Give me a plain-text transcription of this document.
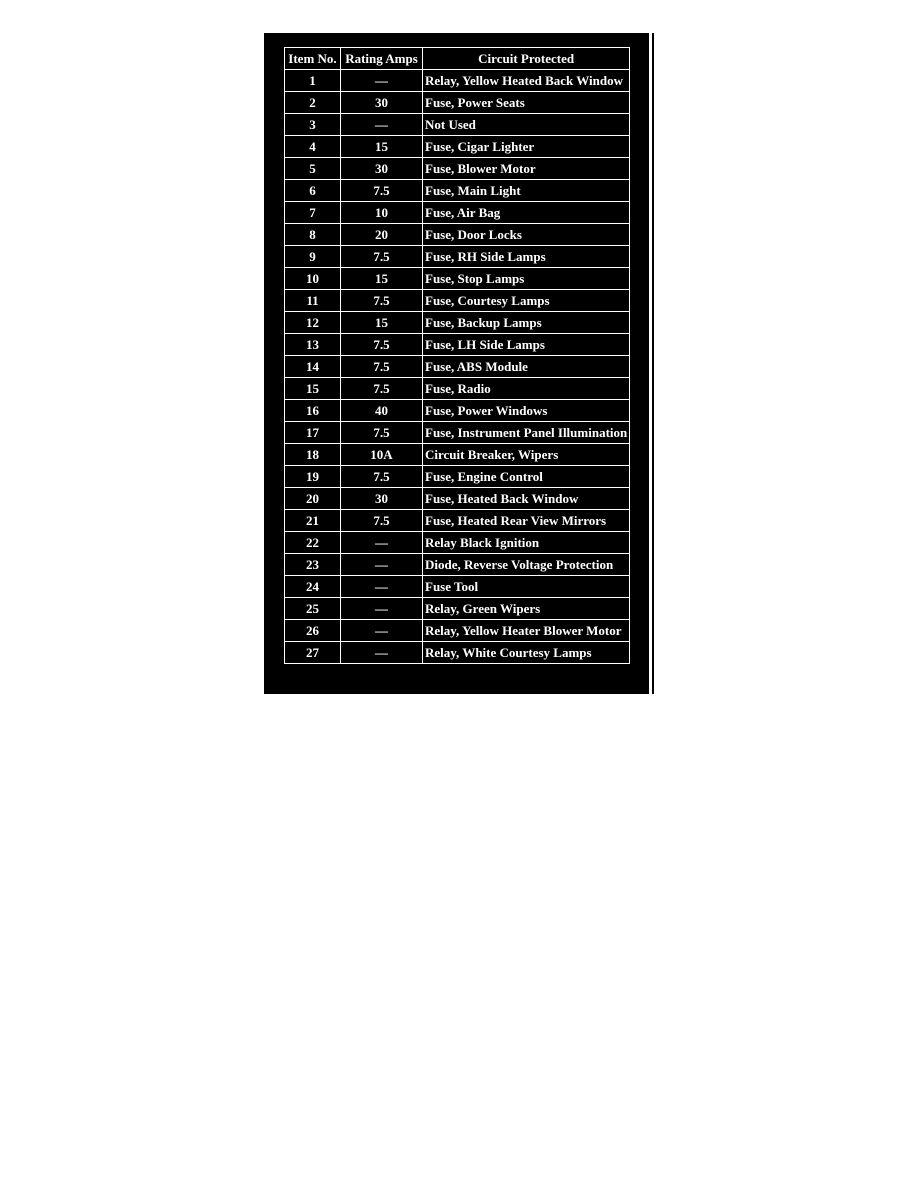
Item No.	Rating Amps	Circuit Protected
1	—	Relay, Yellow Heated Back Window
2	30	Fuse, Power Seats
3	—	Not Used
4	15	Fuse, Cigar Lighter
5	30	Fuse, Blower Motor
6	7.5	Fuse, Main Light
7	10	Fuse, Air Bag
8	20	Fuse, Door Locks
9	7.5	Fuse, RH Side Lamps
10	15	Fuse, Stop Lamps
11	7.5	Fuse, Courtesy Lamps
12	15	Fuse, Backup Lamps
13	7.5	Fuse, LH Side Lamps
14	7.5	Fuse, ABS Module
15	7.5	Fuse, Radio
16	40	Fuse, Power Windows
17	7.5	Fuse, Instrument Panel Illumination
18	10A	Circuit Breaker, Wipers
19	7.5	Fuse, Engine Control
20	30	Fuse, Heated Back Window
21	7.5	Fuse, Heated Rear View Mirrors
22	—	Relay Black Ignition
23	—	Diode, Reverse Voltage Protection
24	—	Fuse Tool
25	—	Relay, Green Wipers
26	—	Relay, Yellow Heater Blower Motor
27	—	Relay, White Courtesy Lamps
